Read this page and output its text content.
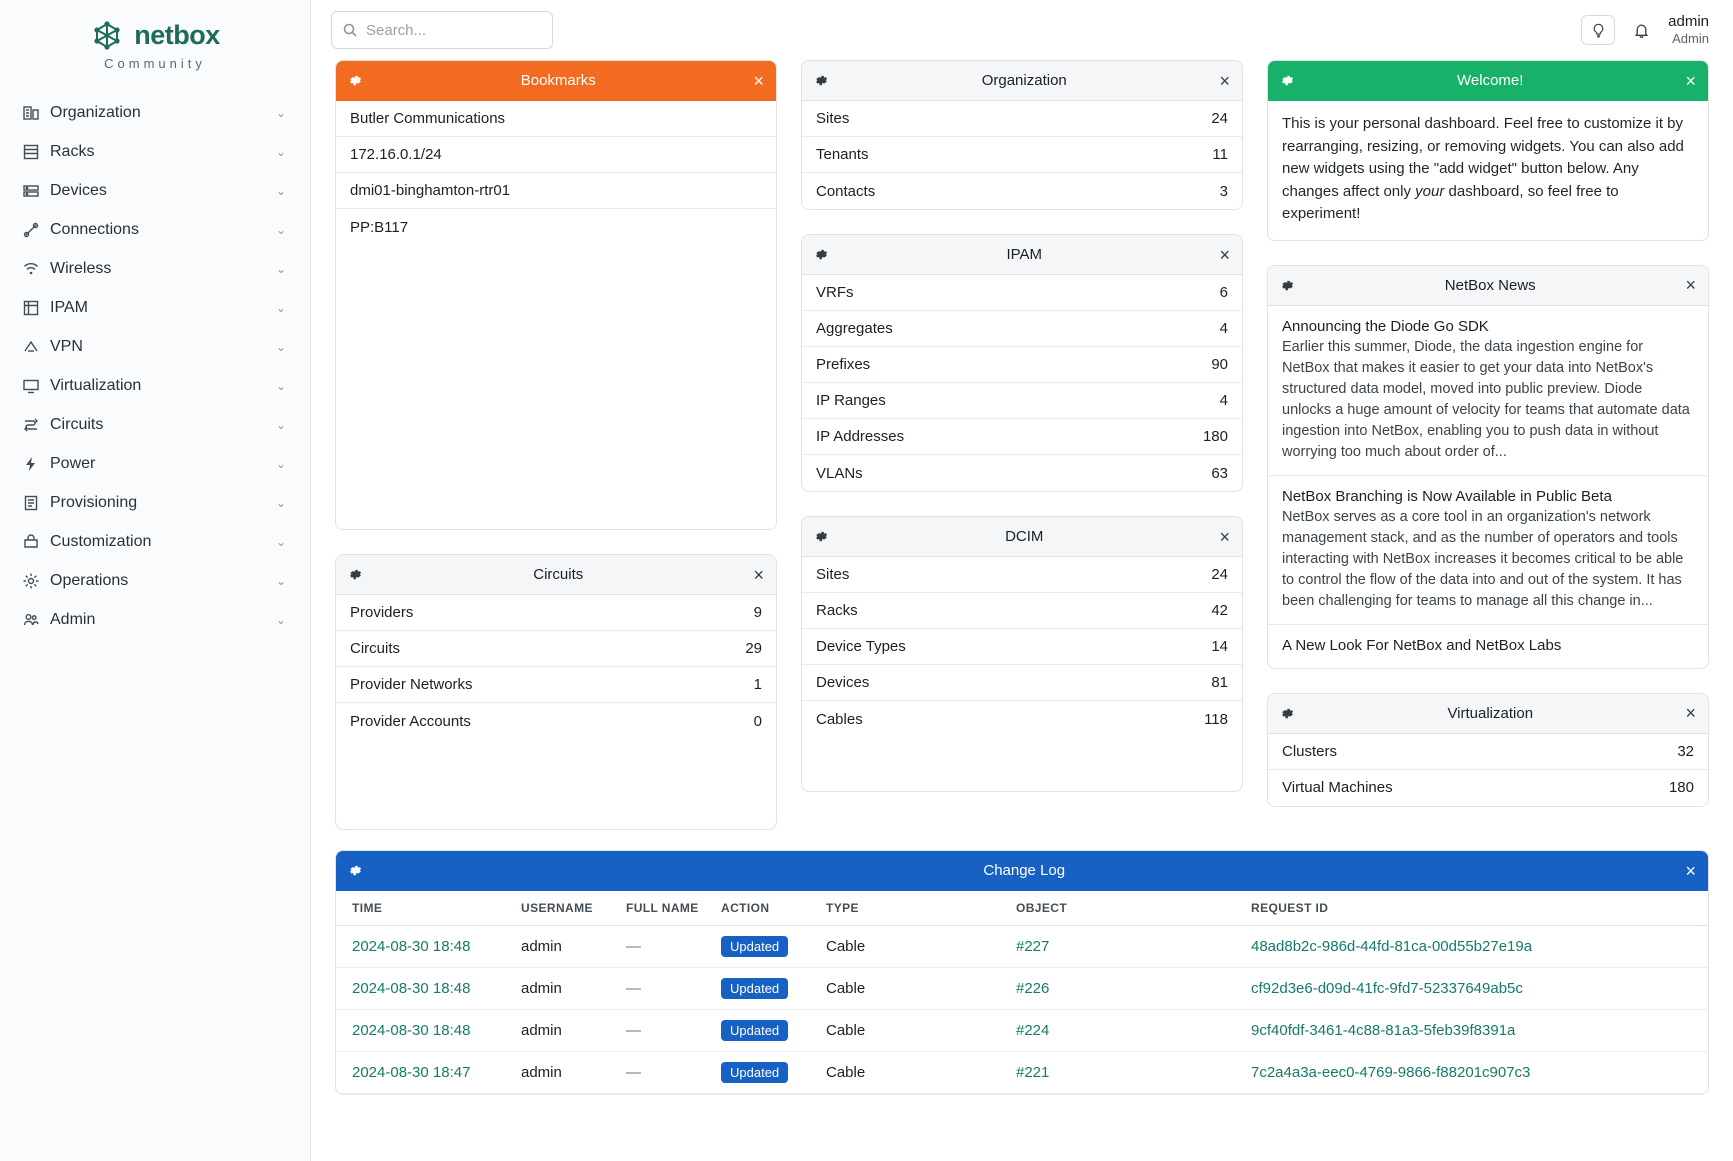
netbox
Community
Organization	⌄
Racks	⌄
Devices	⌄
Connections	⌄
Wireless	⌄
IPAM	⌄
VPN	⌄
Virtualization	⌄
Circuits	⌄
Power	⌄
Provisioning	⌄
Customization	⌄
Operations	⌄
Admin	⌄
Search...
admin
Admin
Bookmarks	×
Butler Communications
172.16.0.1/24
dmi01-binghamton-rtr01
PP:B117
Circuits	×
Providers	9
Circuits	29
Provider Networks	1
Provider Accounts	0
Organization	×
Sites	24
Tenants	11
Contacts	3
IPAM	×
VRFs	6
Aggregates	4
Prefixes	90
IP Ranges	4
IP Addresses	180
VLANs	63
DCIM	×
Sites	24
Racks	42
Device Types	14
Devices	81
Cables	118
Welcome!	×

This is your personal dashboard. Feel free to customize it by rearranging, resizing, or removing widgets. You can also add new widgets using the "add widget" button below. Any changes affect only your dashboard, so feel free to experiment!

NetBox News	×
Announcing the Diode Go SDK
Earlier this summer, Diode, the data ingestion engine for NetBox that makes it easier to get your data into NetBox's structured data model, moved into public preview. Diode unlocks a huge amount of velocity for teams that automate data ingestion into NetBox, enabling you to push data in without worrying too much about order of...
NetBox Branching is Now Available in Public Beta
NetBox serves as a core tool in an organization's network management stack, and as the number of operators and tools interacting with NetBox increases it becomes critical to be able to control the flow of the data into and out of the system. It has been challenging for teams to manage all this change in...
A New Look For NetBox and NetBox Labs
Virtualization	×
Clusters	32
Virtual Machines	180
Change Log	×
TIME	USERNAME	FULL NAME	ACTION	TYPE	OBJECT	REQUEST ID
2024-08-30 18:48	admin	—	Updated	Cable	#227	48ad8b2c-986d-44fd-81ca-00d55b27e19a
2024-08-30 18:48	admin	—	Updated	Cable	#226	cf92d3e6-d09d-41fc-9fd7-52337649ab5c
2024-08-30 18:48	admin	—	Updated	Cable	#224	9cf40fdf-3461-4c88-81a3-5feb39f8391a
2024-08-30 18:47	admin	—	Updated	Cable	#221	7c2a4a3a-eec0-4769-9866-f88201c907c3
